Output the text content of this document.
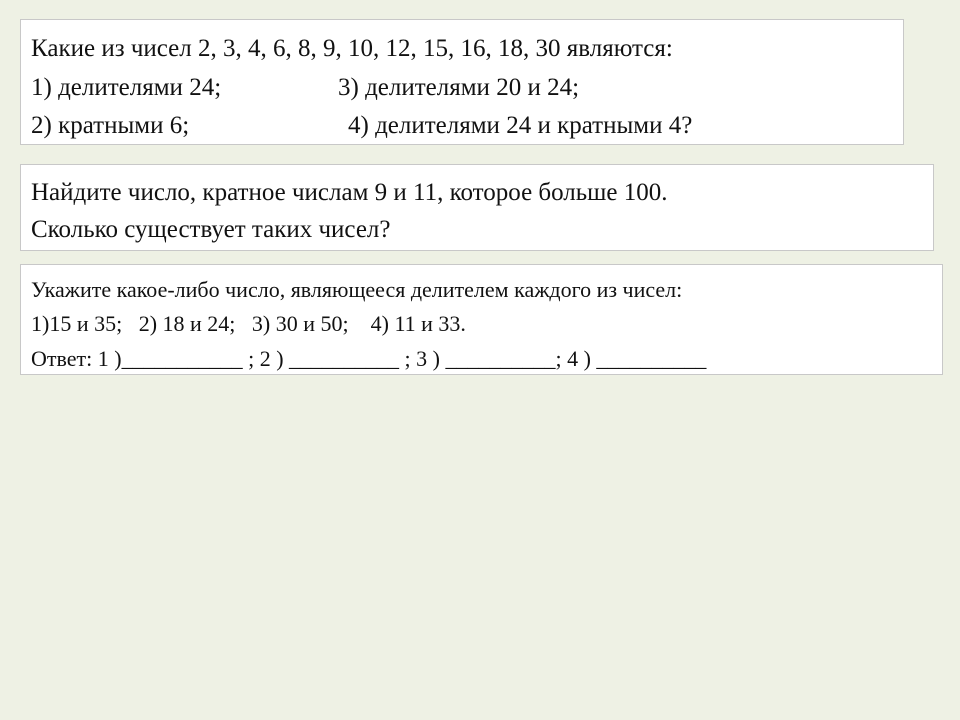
Какие из чисел 2, 3, 4, 6, 8, 9, 10, 12, 15, 16, 18, 30 являются:
1) делителями 24;	3) делителями 20 и 24;
2) кратными 6;	4) делителями 24 и кратными 4?
Найдите число, кратное числам 9 и 11, которое больше 100.
Сколько существует таких чисел?
Укажите какое-либо число, являющееся делителем каждого из чисел:
1)15 и 35;   2) 18 и 24;   3) 30 и 50;    4) 11 и 33.
Ответ: 1 )___________ ; 2 ) __________ ; 3 ) __________; 4 ) __________
